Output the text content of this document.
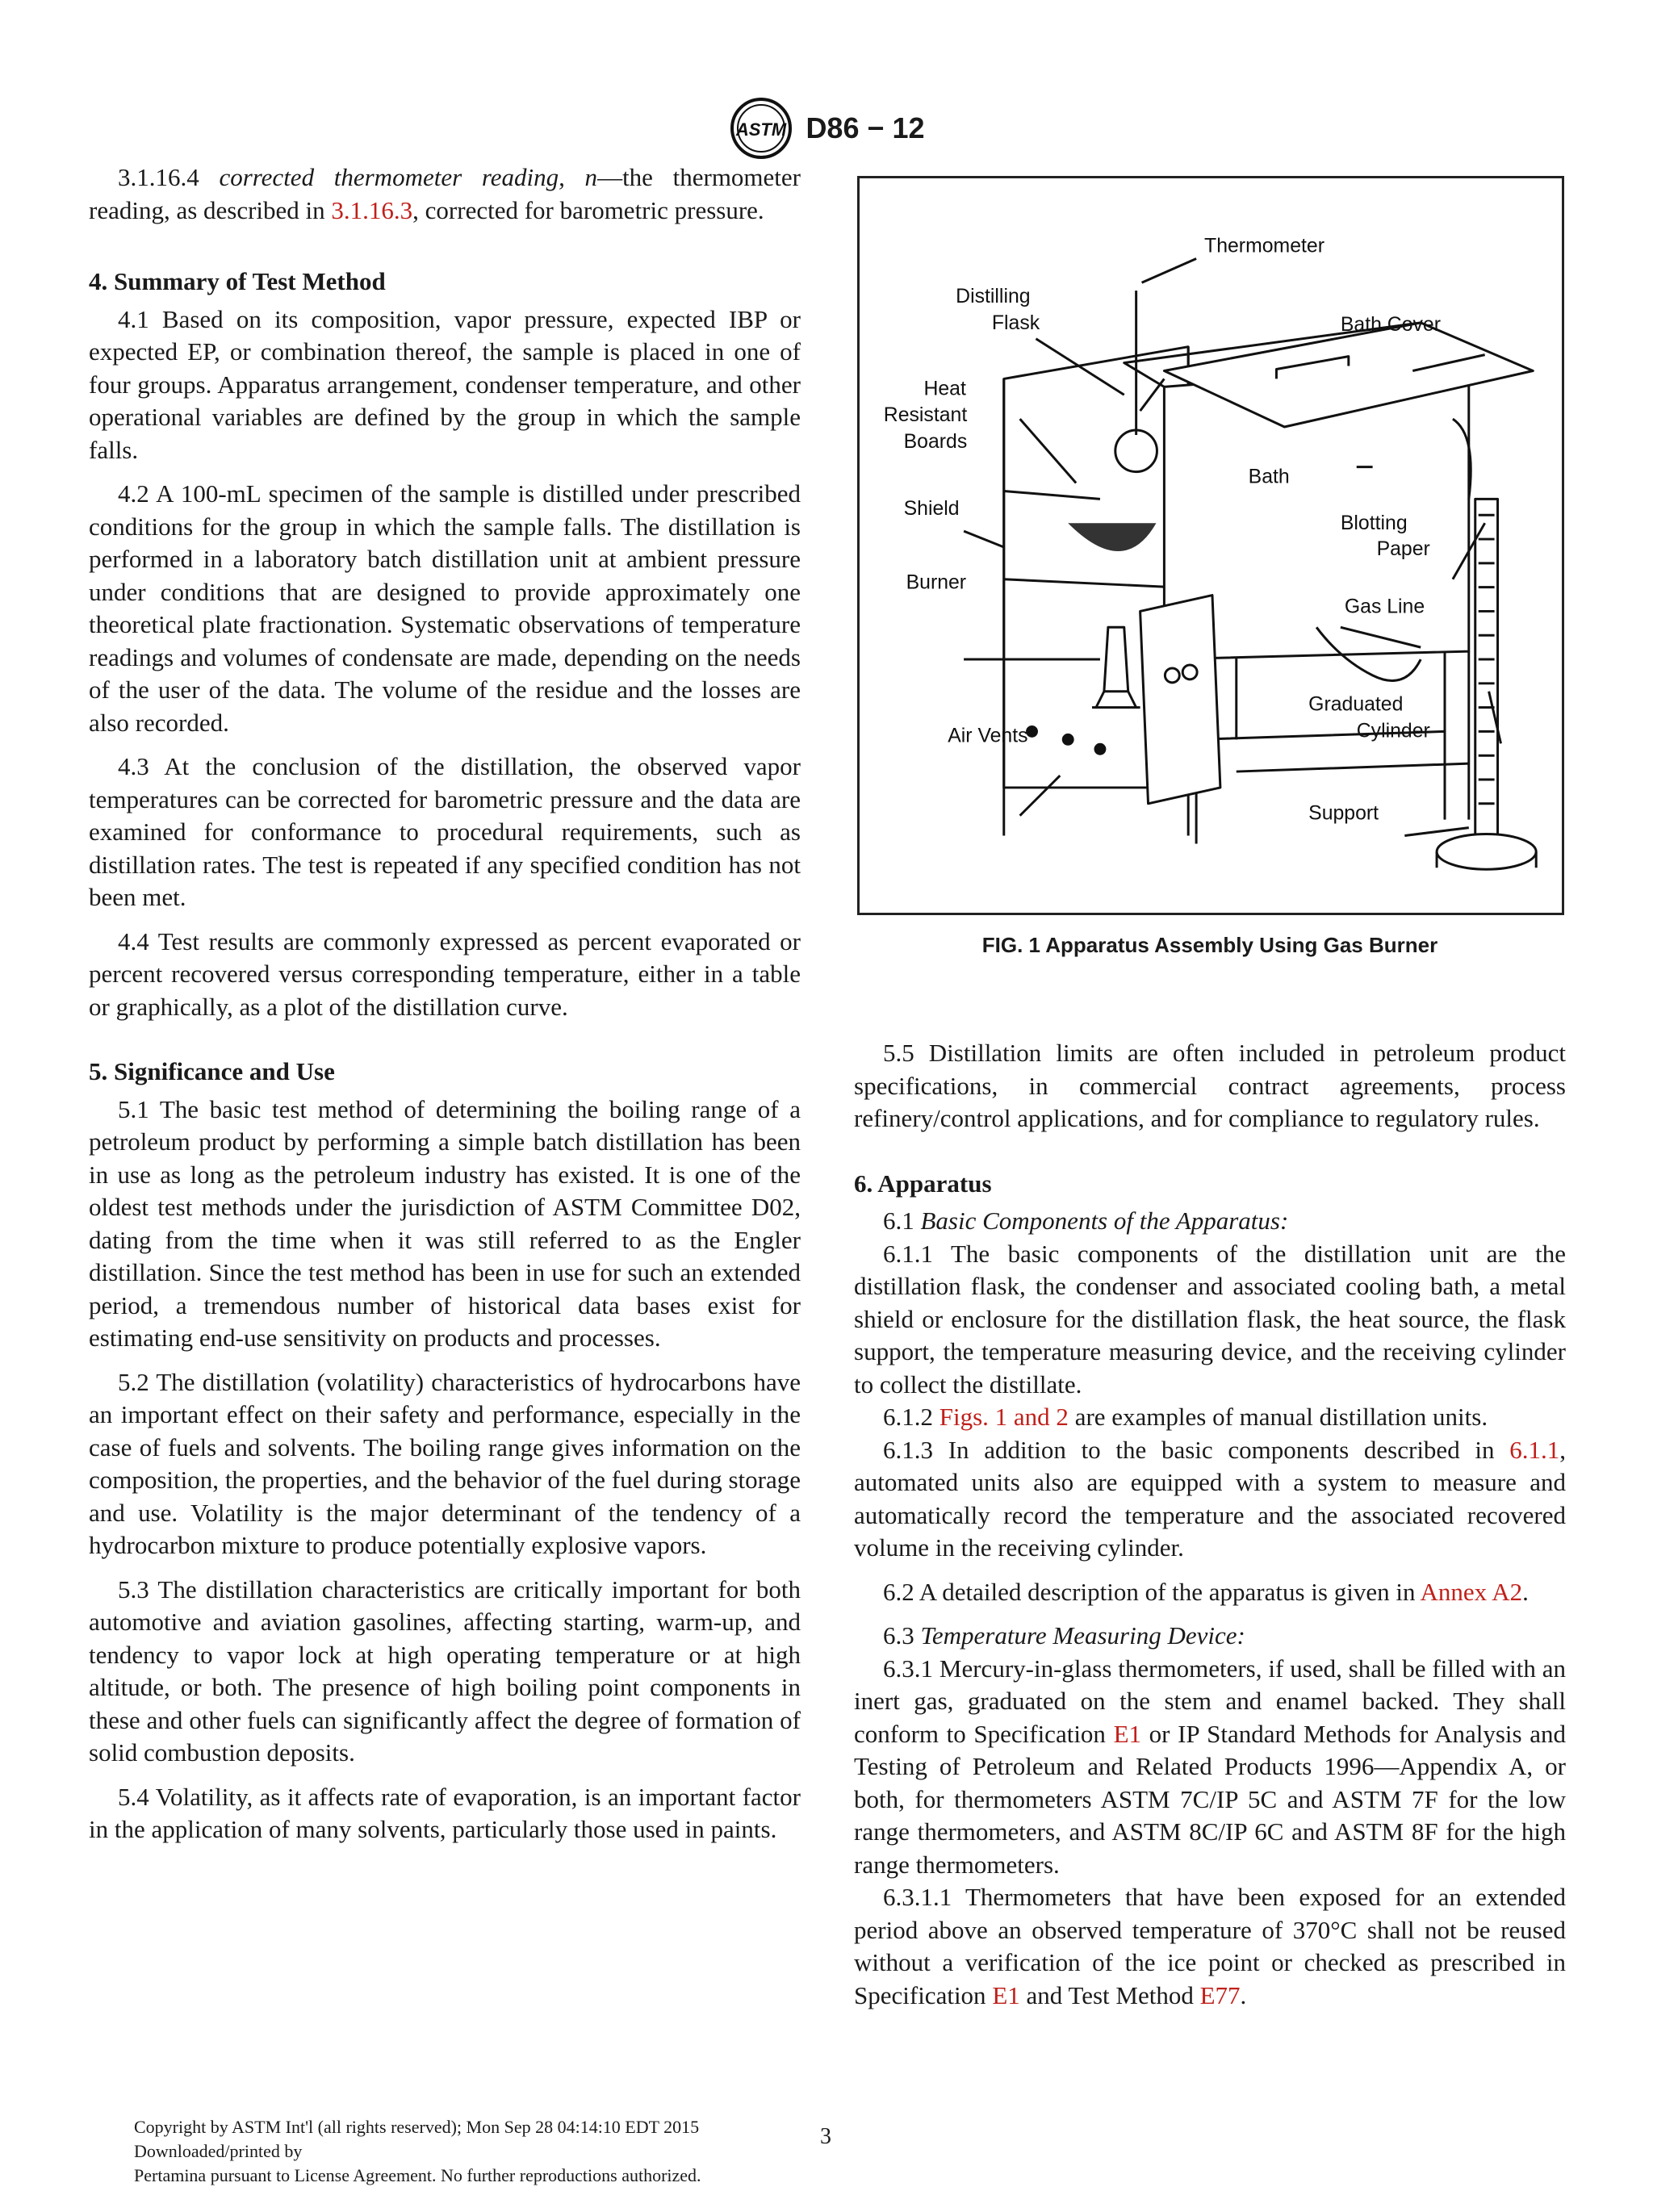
ASTM D86 − 12

3.1.16.4 corrected thermometer reading, n—the thermometer reading, as described in 3.1.16.3, corrected for barometric pressure.

4. Summary of Test Method

4.1 Based on its composition, vapor pressure, expected IBP or expected EP, or combination thereof, the sample is placed in one of four groups. Apparatus arrangement, condenser temperature, and other operational variables are defined by the group in which the sample falls.

4.2 A 100-mL specimen of the sample is distilled under prescribed conditions for the group in which the sample falls. The distillation is performed in a laboratory batch distillation unit at ambient pressure under conditions that are designed to provide approximately one theoretical plate fractionation. Systematic observations of temperature readings and volumes of condensate are made, depending on the needs of the user of the data. The volume of the residue and the losses are also recorded.

4.3 At the conclusion of the distillation, the observed vapor temperatures can be corrected for barometric pressure and the data are examined for conformance to procedural requirements, such as distillation rates. The test is repeated if any specified condition has not been met.

4.4 Test results are commonly expressed as percent evaporated or percent recovered versus corresponding temperature, either in a table or graphically, as a plot of the distillation curve.

5. Significance and Use

5.1 The basic test method of determining the boiling range of a petroleum product by performing a simple batch distillation has been in use as long as the petroleum industry has existed. It is one of the oldest test methods under the jurisdiction of ASTM Committee D02, dating from the time when it was still referred to as the Engler distillation. Since the test method has been in use for such an extended period, a tremendous number of historical data bases exist for estimating end-use sensitivity on products and processes.

5.2 The distillation (volatility) characteristics of hydrocarbons have an important effect on their safety and performance, especially in the case of fuels and solvents. The boiling range gives information on the composition, the properties, and the behavior of the fuel during storage and use. Volatility is the major determinant of the tendency of a hydrocarbon mixture to produce potentially explosive vapors.

5.3 The distillation characteristics are critically important for both automotive and aviation gasolines, affecting starting, warm-up, and tendency to vapor lock at high operating temperature or at high altitude, or both. The presence of high boiling point components in these and other fuels can significantly affect the degree of formation of solid combustion deposits.

5.4 Volatility, as it affects rate of evaporation, is an important factor in the application of many solvents, particularly those used in paints.

Thermometer
Distilling
Flask	Bath Cover
Heat
Resistant
Boards
Bath
Shield
Blotting
Paper
Burner
Gas Line
Graduated
Cylinder
Air Vents
Support
FIG. 1 Apparatus Assembly Using Gas Burner

5.5 Distillation limits are often included in petroleum product specifications, in commercial contract agreements, process refinery/control applications, and for compliance to regulatory rules.

6. Apparatus

6.1 Basic Components of the Apparatus:

6.1.1 The basic components of the distillation unit are the distillation flask, the condenser and associated cooling bath, a metal shield or enclosure for the distillation flask, the heat source, the flask support, the temperature measuring device, and the receiving cylinder to collect the distillate.

6.1.2 Figs. 1 and 2 are examples of manual distillation units.

6.1.3 In addition to the basic components described in 6.1.1, automated units also are equipped with a system to measure and automatically record the temperature and the associated recovered volume in the receiving cylinder.

6.2 A detailed description of the apparatus is given in Annex A2.

6.3 Temperature Measuring Device:

6.3.1 Mercury-in-glass thermometers, if used, shall be filled with an inert gas, graduated on the stem and enamel backed. They shall conform to Specification E1 or IP Standard Methods for Analysis and Testing of Petroleum and Related Products 1996—Appendix A, or both, for thermometers ASTM 7C/IP 5C and ASTM 7F for the low range thermometers, and ASTM 8C/IP 6C and ASTM 8F for the high range thermometers.

6.3.1.1 Thermometers that have been exposed for an extended period above an observed temperature of 370°C shall not be reused without a verification of the ice point or checked as prescribed in Specification E1 and Test Method E77.

Copyright by ASTM Int'l (all rights reserved); Mon Sep 28 04:14:10 EDT 2015
Downloaded/printed by
Pertamina pursuant to License Agreement. No further reproductions authorized.
3
